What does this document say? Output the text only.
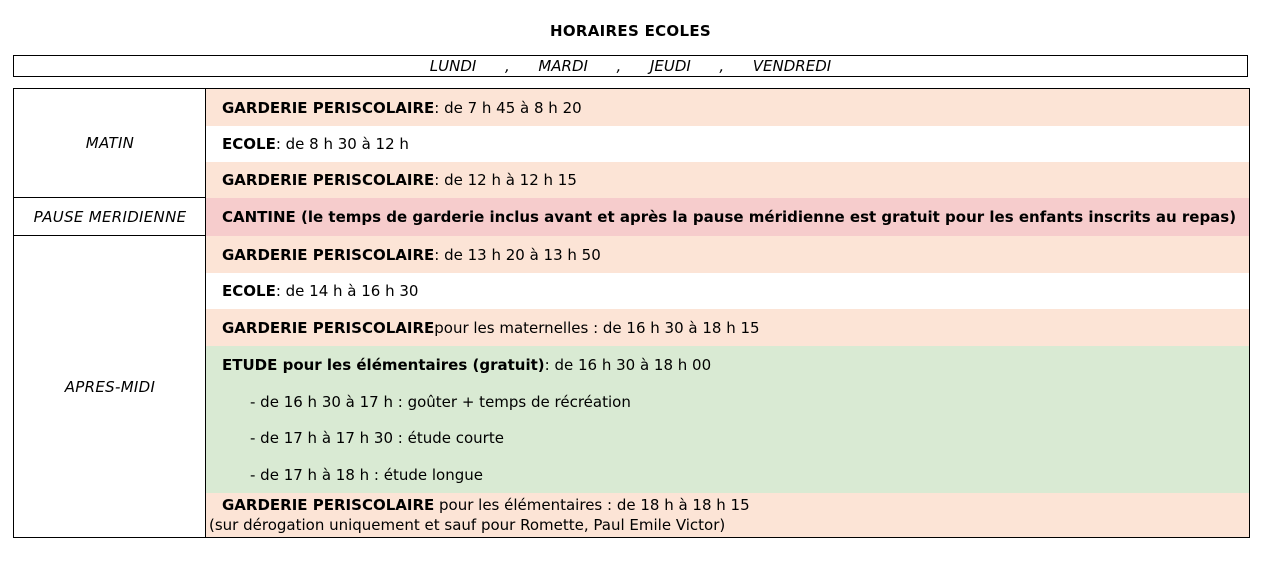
HORAIRES ECOLES
LUNDI
,
MARDI
,
JEUDI
,
VENDREDI
MATIN
PAUSE MERIDIENNE
APRES-MIDI
GARDERIE PERISCOLAIRE : de 7 h 45 à 8 h 20
ECOLE : de 8 h 30 à 12 h
GARDERIE PERISCOLAIRE : de 12 h à 12 h 15
CANTINE (le temps de garderie inclus avant et après la pause méridienne est gratuit pour les enfants inscrits au repas)
GARDERIE PERISCOLAIRE : de 13 h 20 à 13 h 50
ECOLE : de 14 h à 16 h 30
GARDERIE PERISCOLAIRE pour les maternelles : de 16 h 30 à 18 h 15
ETUDE pour les élémentaires (gratuit) : de 16 h 30 à 18 h 00
- de 16 h 30 à 17 h : goûter + temps de récréation
- de 17 h à 17 h 30 : étude courte
- de 17 h à 18 h : étude longue
GARDERIE PERISCOLAIRE pour les élémentaires : de 18 h à 18 h 15
(sur dérogation uniquement et sauf pour Romette, Paul Emile Victor)
